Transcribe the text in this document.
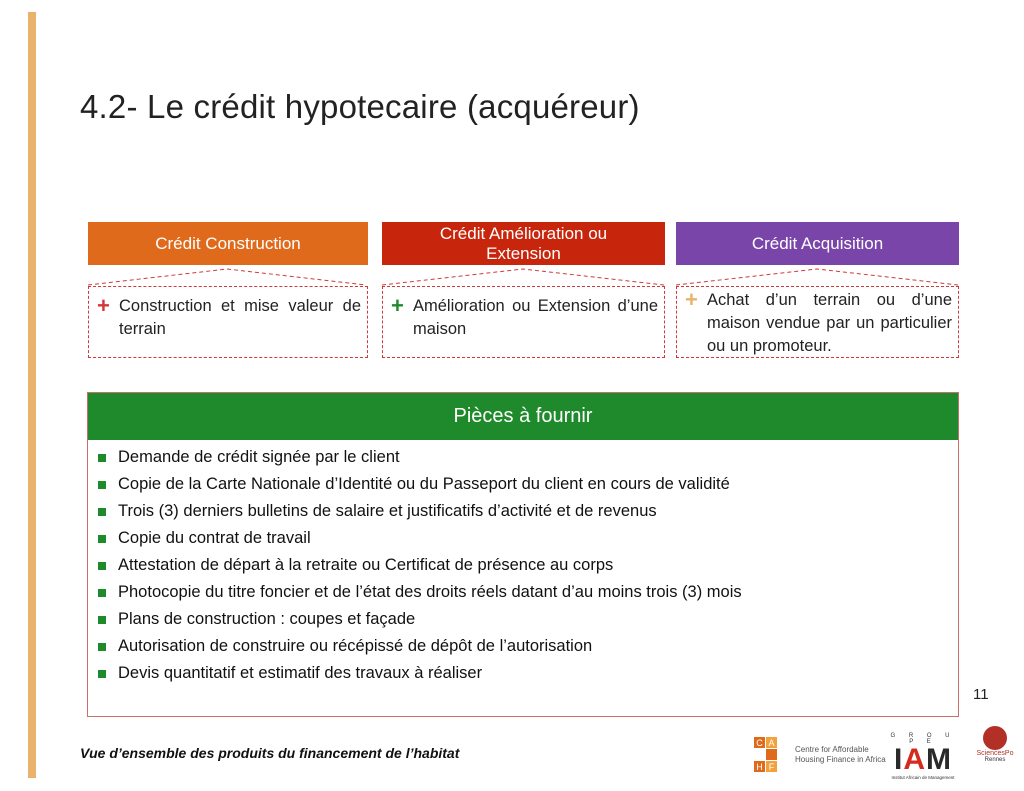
4.2- Le crédit hypotecaire (acquéreur)
Crédit Construction
+ Construction et mise valeur de terrain
Crédit Amélioration ou Extension
+ Amélioration ou Extension d’une maison
Crédit Acquisition
+ Achat d’un terrain ou d’une maison vendue par un particulier ou un promoteur.
Pièces à fournir
Demande de crédit signée par le client
Copie de la Carte Nationale d’Identité ou du Passeport du client en cours de validité
Trois (3) derniers bulletins de salaire et justificatifs d’activité et de revenus
Copie du contrat de travail
Attestation de départ à la retraite ou Certificat de présence au corps
Photocopie du titre foncier et de l’état des droits réels datant d’au moins trois (3) mois
Plans de construction : coupes et façade
Autorisation de construire ou récépissé de dépôt de l’autorisation
Devis quantitatif et estimatif des travaux à réaliser
11
Vue d’ensemble des produits du financement de l’habitat
C A
H F
Centre for Affordable Housing Finance in Africa
G R O U P E
IAM
Institut Africain de Management
SciencesPo
Rennes
